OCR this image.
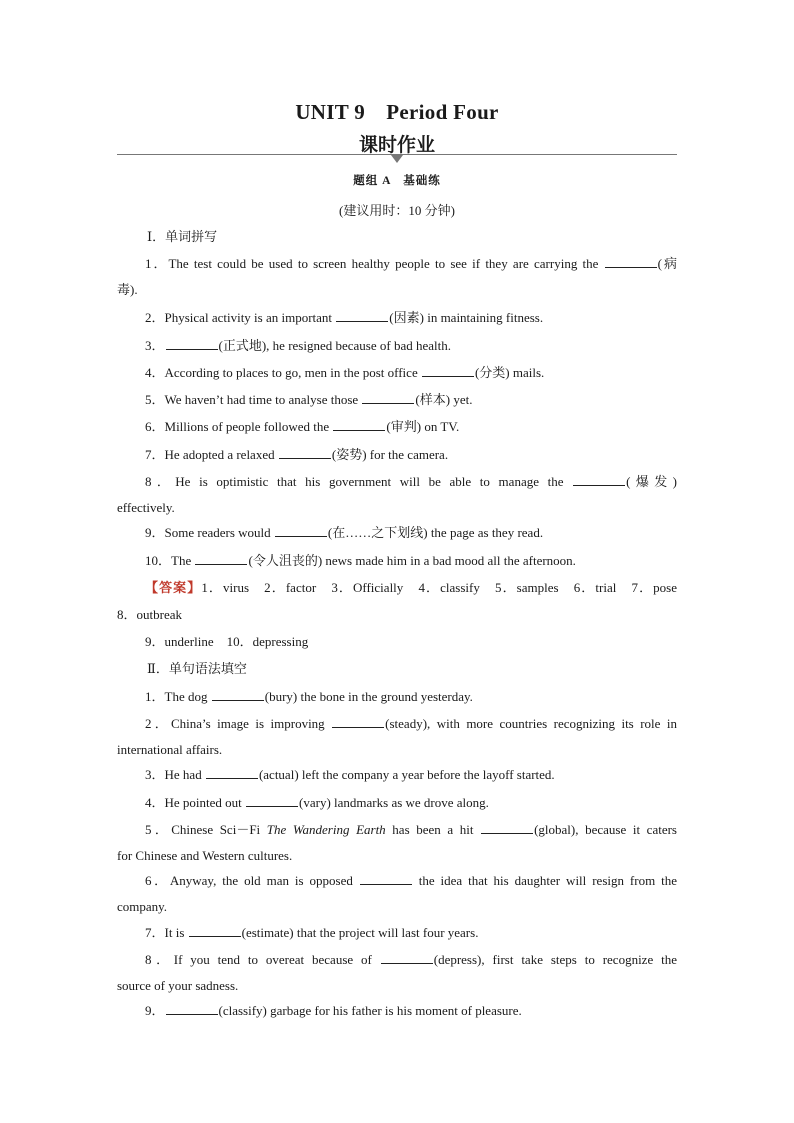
UNIT 9　Period Four
课时作业
题组 A　基础练
(建议用时：10 分钟)
Ⅰ．单词拼写
1．The test could be used to screen healthy people to see if they are carrying the	(病
毒).
2．Physical activity is an important	(因素) in maintaining fitness.
3．	(正式地), he resigned because of bad health.
4．According to places to go, men in the post office	(分类) mails.
5．We haven’t had time to analyse those	(样本) yet.
6．Millions of people followed the	(审判) on TV.
7．He adopted a relaxed	(姿势) for the camera.
8．He is optimistic that his government will be able to manage the	(爆发)
effectively.
9．Some readers would	(在……之下划线) the page as they read.
10．The	(令人沮丧的) news made him in a bad mood all the afternoon.
【答案】1．virus　2．factor　3．Officially　4．classify　5．samples　6．trial　7．pose
8．outbreak
9．underline　10．depressing
Ⅱ．单句语法填空
1．The dog	(bury) the bone in the ground yesterday.
2．China’s image is improving	(steady), with more countries recognizing its role in
international affairs.
3．He had	(actual) left the company a year before the layoff started.
4．He pointed out	(vary) landmarks as we drove along.
5．Chinese Sci－Fi The Wandering Earth has been a hit	(global), because it caters
for Chinese and Western cultures.
6．Anyway, the old man is opposed	the idea that his daughter will resign from the
company.
7．It is	(estimate) that the project will last four years.
8．If you tend to overeat because of	(depress), first take steps to recognize the
source of your sadness.
9．	(classify) garbage for his father is his moment of pleasure.
